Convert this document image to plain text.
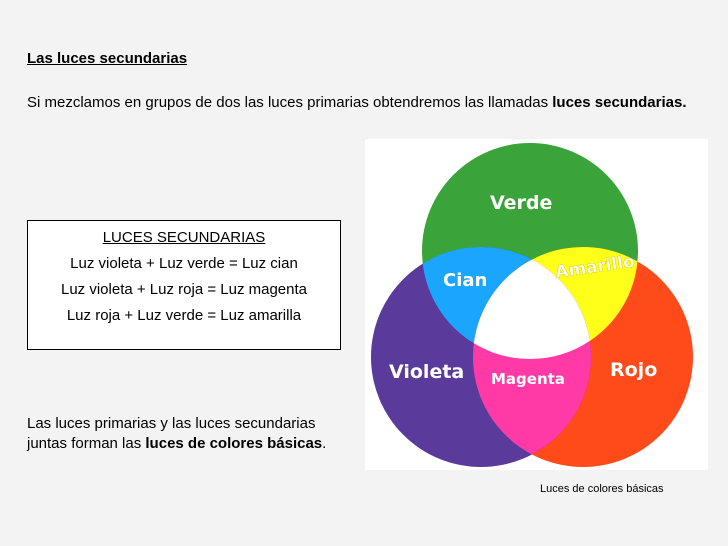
Las luces secundarias
Si mezclamos en grupos de dos las luces primarias obtendremos las llamadas luces secundarias.
LUCES SECUNDARIAS
Luz violeta + Luz verde = Luz cian
Luz violeta + Luz roja = Luz magenta
Luz roja + Luz verde = Luz amarilla
Las luces primarias y las luces secundarias juntas forman las luces de colores básicas.
Verde
Amarillo
Cian
Violeta Magenta Rojo
Luces de colores básicas
